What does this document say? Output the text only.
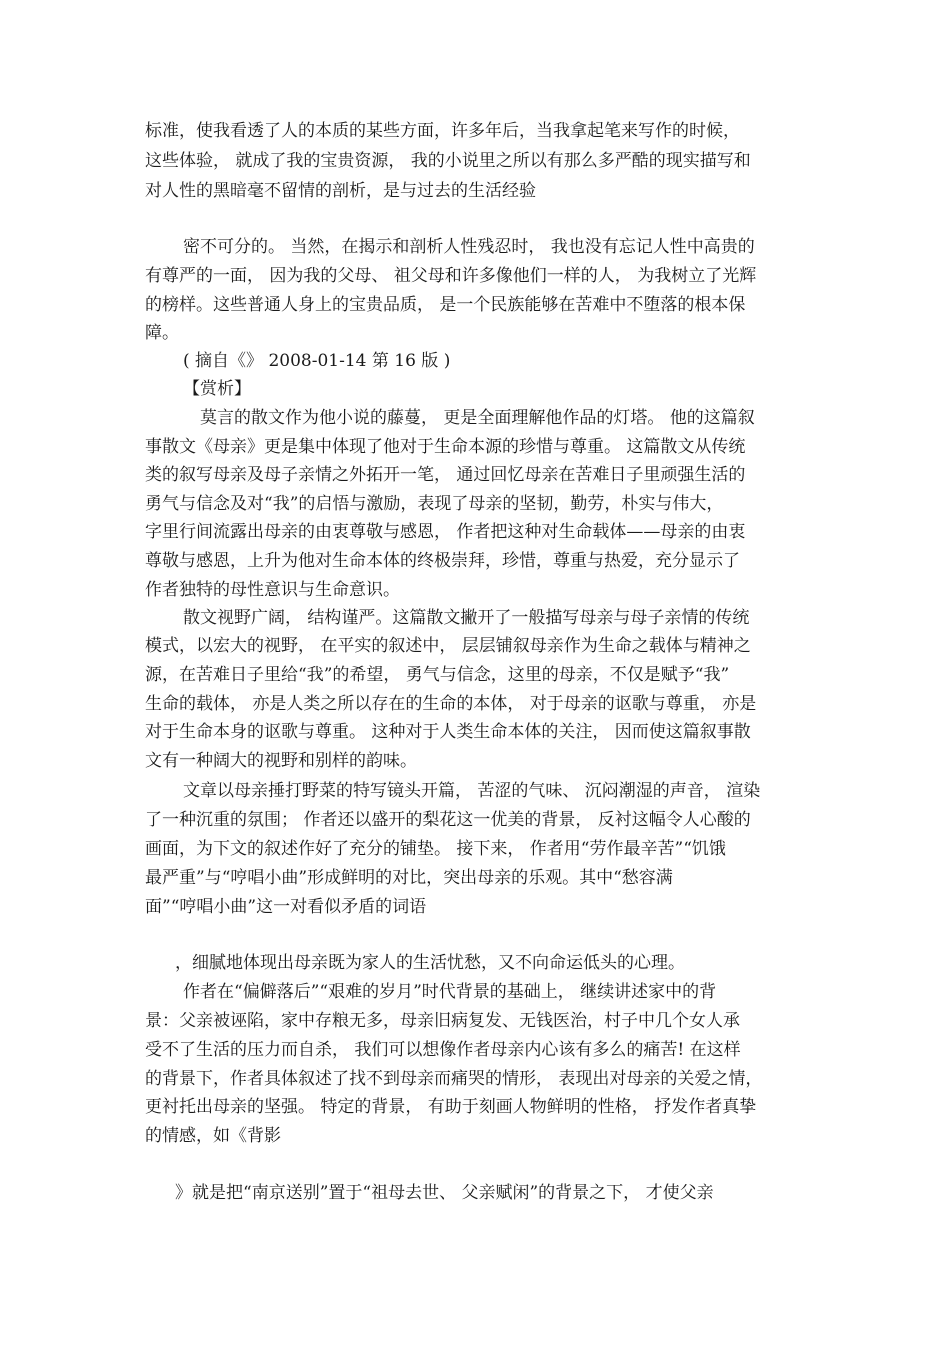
标准，使我看透了人的本质的某些方面，许多年后，当我拿起笔来写作的时候，
这些体验， 就成了我的宝贵资源， 我的小说里之所以有那么多严酷的现实描写和
对人性的黑暗毫不留情的剖析，是与过去的生活经验
密不可分的。 当然，在揭示和剖析人性残忍时， 我也没有忘记人性中高贵的
有尊严的一面， 因为我的父母、 祖父母和许多像他们一样的人， 为我树立了光辉
的榜样。这些普通人身上的宝贵品质， 是一个民族能够在苦难中不堕落的根本保
障。
( 摘自《》 2008-01-14 第 16 版 )
【赏析】
莫言的散文作为他小说的藤蔓， 更是全面理解他作品的灯塔。 他的这篇叙
事散文《母亲》更是集中体现了他对于生命本源的珍惜与尊重。 这篇散文从传统
类的叙写母亲及母子亲情之外拓开一笔， 通过回忆母亲在苦难日子里顽强生活的
勇气与信念及对“我”的启悟与激励，表现了母亲的坚韧，勤劳，朴实与伟大，
字里行间流露出母亲的由衷尊敬与感恩， 作者把这种对生命载体——母亲的由衷
尊敬与感恩，上升为他对生命本体的终极崇拜，珍惜，尊重与热爱，充分显示了
作者独特的母性意识与生命意识。
散文视野广阔， 结构谨严。这篇散文撇开了一般描写母亲与母子亲情的传统
模式，以宏大的视野， 在平实的叙述中， 层层铺叙母亲作为生命之载体与精神之
源，在苦难日子里给“我”的希望， 勇气与信念，这里的母亲，不仅是赋予“我”
生命的载体， 亦是人类之所以存在的生命的本体， 对于母亲的讴歌与尊重， 亦是
对于生命本身的讴歌与尊重。 这种对于人类生命本体的关注， 因而使这篇叙事散
文有一种阔大的视野和别样的韵味。
文章以母亲捶打野菜的特写镜头开篇， 苦涩的气味、 沉闷潮湿的声音， 渲染
了一种沉重的氛围； 作者还以盛开的梨花这一优美的背景， 反衬这幅令人心酸的
画面，为下文的叙述作好了充分的铺垫。 接下来， 作者用“劳作最辛苦”“饥饿
最严重”与“哼唱小曲”形成鲜明的对比，突出母亲的乐观。其中“愁容满
面”“哼唱小曲”这一对看似矛盾的词语
，细腻地体现出母亲既为家人的生活忧愁，又不向命运低头的心理。
作者在“偏僻落后”“艰难的岁月”时代背景的基础上， 继续讲述家中的背
景：父亲被诬陷，家中存粮无多，母亲旧病复发、无钱医治，村子中几个女人承
受不了生活的压力而自杀， 我们可以想像作者母亲内心该有多么的痛苦! 在这样
的背景下，作者具体叙述了找不到母亲而痛哭的情形， 表现出对母亲的关爱之情，
更衬托出母亲的坚强。 特定的背景， 有助于刻画人物鲜明的性格， 抒发作者真挚
的情感，如《背影
》就是把“南京送别”置于“祖母去世、 父亲赋闲”的背景之下， 才使父亲
